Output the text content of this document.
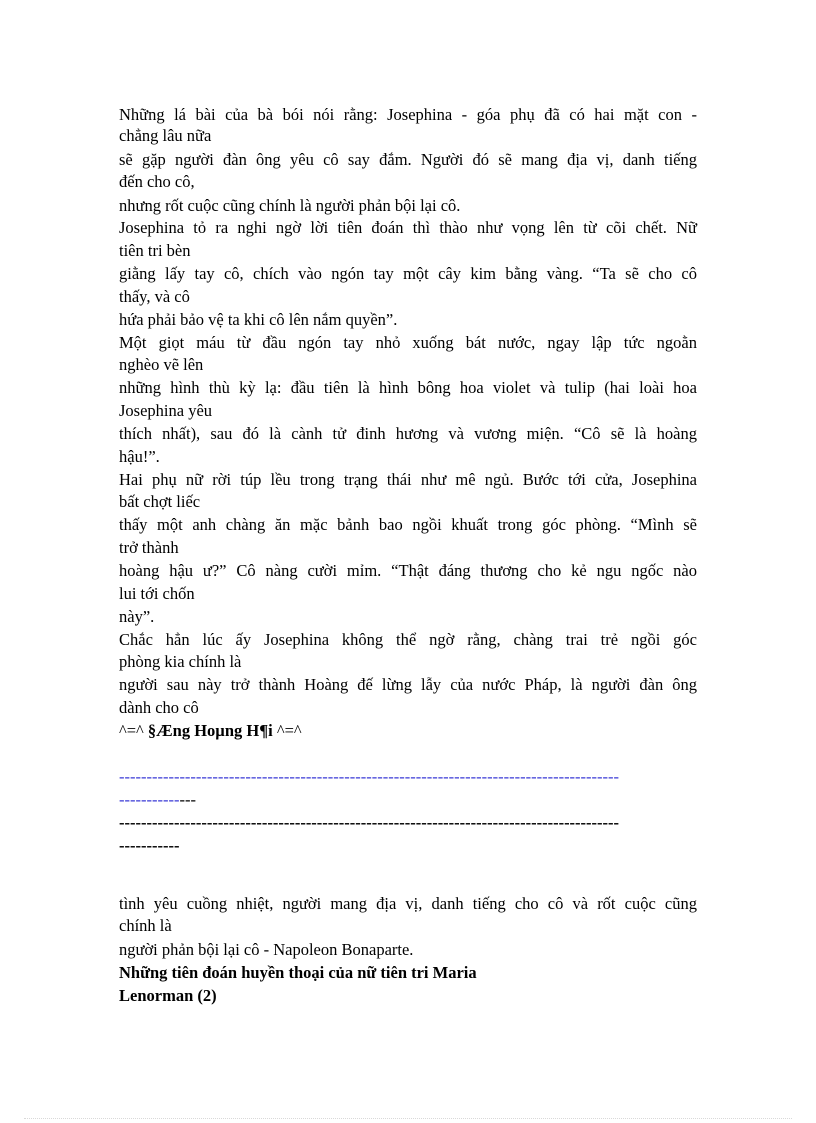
Những lá bài của bà bói nói rằng: Josephina - góa phụ đã có hai mặt con -
chẳng lâu nữa
sẽ gặp người đàn ông yêu cô say đắm. Người đó sẽ mang địa vị, danh tiếng
đến cho cô,
nhưng rốt cuộc cũng chính là người phản bội lại cô.
Josephina tỏ ra nghi ngờ lời tiên đoán thì thào như vọng lên từ cõi chết. Nữ
tiên tri bèn
giằng lấy tay cô, chích vào ngón tay một cây kim bằng vàng. “Ta sẽ cho cô
thấy, và cô
hứa phải bảo vệ ta khi cô lên nắm quyền”.
Một giọt máu từ đầu ngón tay nhỏ xuống bát nước, ngay lập tức ngoằn
nghèo vẽ lên
những hình thù kỳ lạ: đầu tiên là hình bông hoa violet và tulip (hai loài hoa
Josephina yêu
thích nhất), sau đó là cành tử đinh hương và vương miện. “Cô sẽ là hoàng
hậu!”.
Hai phụ nữ rời túp lều trong trạng thái như mê ngủ. Bước tới cửa, Josephina
bất chợt liếc
thấy một anh chàng ăn mặc bảnh bao ngồi khuất trong góc phòng. “Mình sẽ
trở thành
hoàng hậu ư?” Cô nàng cười mỉm. “Thật đáng thương cho kẻ ngu ngốc nào
lui tới chốn
này”.
Chắc hẳn lúc ấy Josephina không thể ngờ rằng, chàng trai trẻ ngồi góc
phòng kia chính là
người sau này trở thành Hoàng đế lừng lẫy của nước Pháp, là người đàn ông
dành cho cô
^=^ §Æng Hoµng H¶i ^=^
-------------------------------------------------------------------------------------------
--------------
-------------------------------------------------------------------------------------------
-----------
tình yêu cuồng nhiệt, người mang địa vị, danh tiếng cho cô và rốt cuộc cũng
chính là
người phản bội lại cô - Napoleon Bonaparte.
Những tiên đoán huyền thoại của nữ tiên tri Maria
Lenorman (2)
